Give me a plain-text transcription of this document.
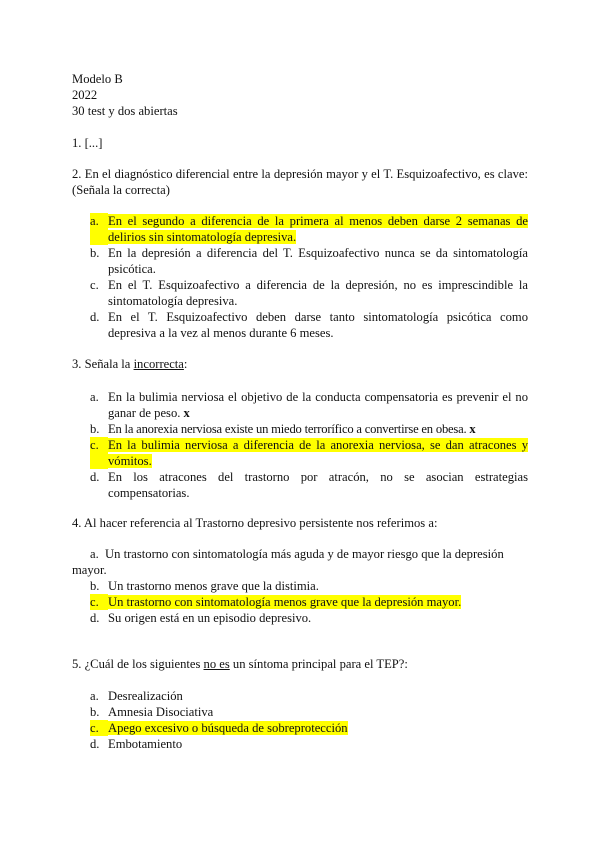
Modelo B
2022
30 test y dos abiertas
1. [...]
2. En el diagnóstico diferencial entre la depresión mayor y el T. Esquizoafectivo, es clave: (Señala la correcta)
a. En el segundo a diferencia de la primera al menos deben darse 2 semanas de delirios sin sintomatología depresiva.
b. En la depresión a diferencia del T. Esquizoafectivo nunca se da sintomatología psicótica.
c. En el T. Esquizoafectivo a diferencia de la depresión, no es imprescindible la sintomatología depresiva.
d. En el T. Esquizoafectivo deben darse tanto sintomatología psicótica como depresiva a la vez al menos durante 6 meses.
3. Señala la incorrecta:
a. En la bulimia nerviosa el objetivo de la conducta compensatoria es prevenir el no ganar de peso. x
b. En la anorexia nerviosa existe un miedo terrorífico a convertirse en obesa. x
c. En la bulimia nerviosa a diferencia de la anorexia nerviosa, se dan atracones y vómitos.
d. En los atracones del trastorno por atracón, no se asocian estrategias compensatorias.
4. Al hacer referencia al Trastorno depresivo persistente nos referimos a:
a. Un trastorno con sintomatología más aguda y de mayor riesgo que la depresión mayor.
b. Un trastorno menos grave que la distimia.
c. Un trastorno con sintomatología menos grave que la depresión mayor.
d. Su origen está en un episodio depresivo.
5. ¿Cuál de los siguientes no es un síntoma principal para el TEP?:
a. Desrealización
b. Amnesia Disociativa
c. Apego excesivo o búsqueda de sobreprotección
d. Embotamiento
